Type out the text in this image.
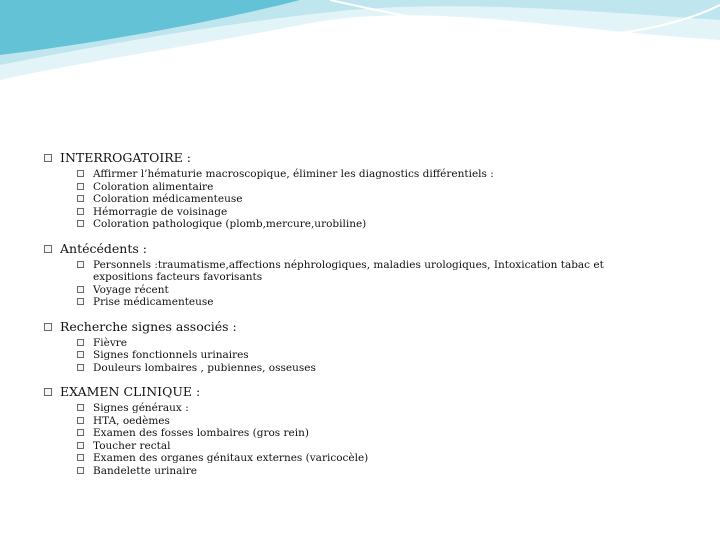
INTERROGATOIRE :
Affirmer l’hématurie macroscopique, éliminer les diagnostics différentiels :
Coloration alimentaire
Coloration médicamenteuse
Hémorragie de voisinage
Coloration pathologique (plomb,mercure,urobiline)
Antécédents :
Personnels :traumatisme,affections néphrologiques, maladies urologiques, Intoxication tabac et expositions facteurs favorisants
Voyage récent
Prise médicamenteuse
Recherche signes associés :
Fièvre
Signes fonctionnels urinaires
Douleurs lombaires , pubiennes, osseuses
EXAMEN CLINIQUE :
Signes généraux :
HTA, oedèmes
Examen des fosses lombaires (gros rein)
Toucher rectal
Examen des organes génitaux externes (varicocèle)
Bandelette urinaire
